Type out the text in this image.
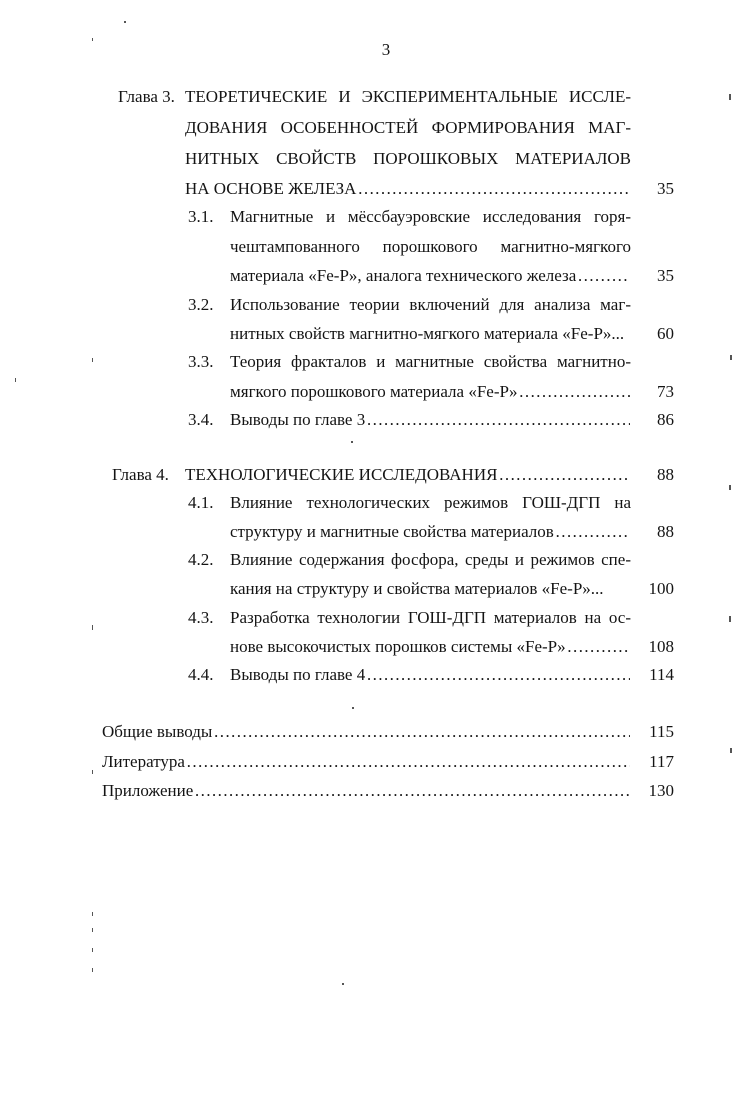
3
Глава 3. ТЕОРЕТИЧЕСКИЕ И ЭКСПЕРИМЕНТАЛЬНЫЕ ИССЛЕ-
ДОВАНИЯ ОСОБЕННОСТЕЙ ФОРМИРОВАНИЯ МАГ-
НИТНЫХ СВОЙСТВ ПОРОШКОВЫХ МАТЕРИАЛОВ
НА ОСНОВЕ ЖЕЛЕЗА ……………………………………………………………………………………………………………………………………………………………………………………………	35
3.1. Магнитные и мёссбауэровские исследования горя-
чештампованного порошкового магнитно-мягкого
материала «Fe-P», аналога технического железа ……………………………………………………………………………………………………………………………………………………………………………………………	35
3.2. Использование теории включений для анализа маг-
нитных свойств магнитно-мягкого материала «Fe-P»...	60
3.3. Теория фракталов и магнитные свойства магнитно-
мягкого порошкового материала «Fe-P» ……………………………………………………………………………………………………………………………………………………………………………………………	73
3.4. Выводы по главе 3 ……………………………………………………………………………………………………………………………………………………………………………………………	86
Глава 4. ТЕХНОЛОГИЧЕСКИЕ ИССЛЕДОВАНИЯ ……………………………………………………………………………………………………………………………………………………………………………………………	88
4.1. Влияние технологических режимов ГОШ-ДГП на
структуру и магнитные свойства материалов ……………………………………………………………………………………………………………………………………………………………………………………………	88
4.2. Влияние содержания фосфора, среды и режимов спе-
кания на структуру и свойства материалов «Fe-P»...	100
4.3. Разработка технологии ГОШ-ДГП материалов на ос-
нове высокочистых порошков системы «Fe-P» ……………………………………………………………………………………………………………………………………………………………………………………………	108
4.4. Выводы по главе 4 ……………………………………………………………………………………………………………………………………………………………………………………………	114
Общие выводы ……………………………………………………………………………………………………………………………………………………………………………………………	115
Литература ……………………………………………………………………………………………………………………………………………………………………………………………	117
Приложение ……………………………………………………………………………………………………………………………………………………………………………………………	130
